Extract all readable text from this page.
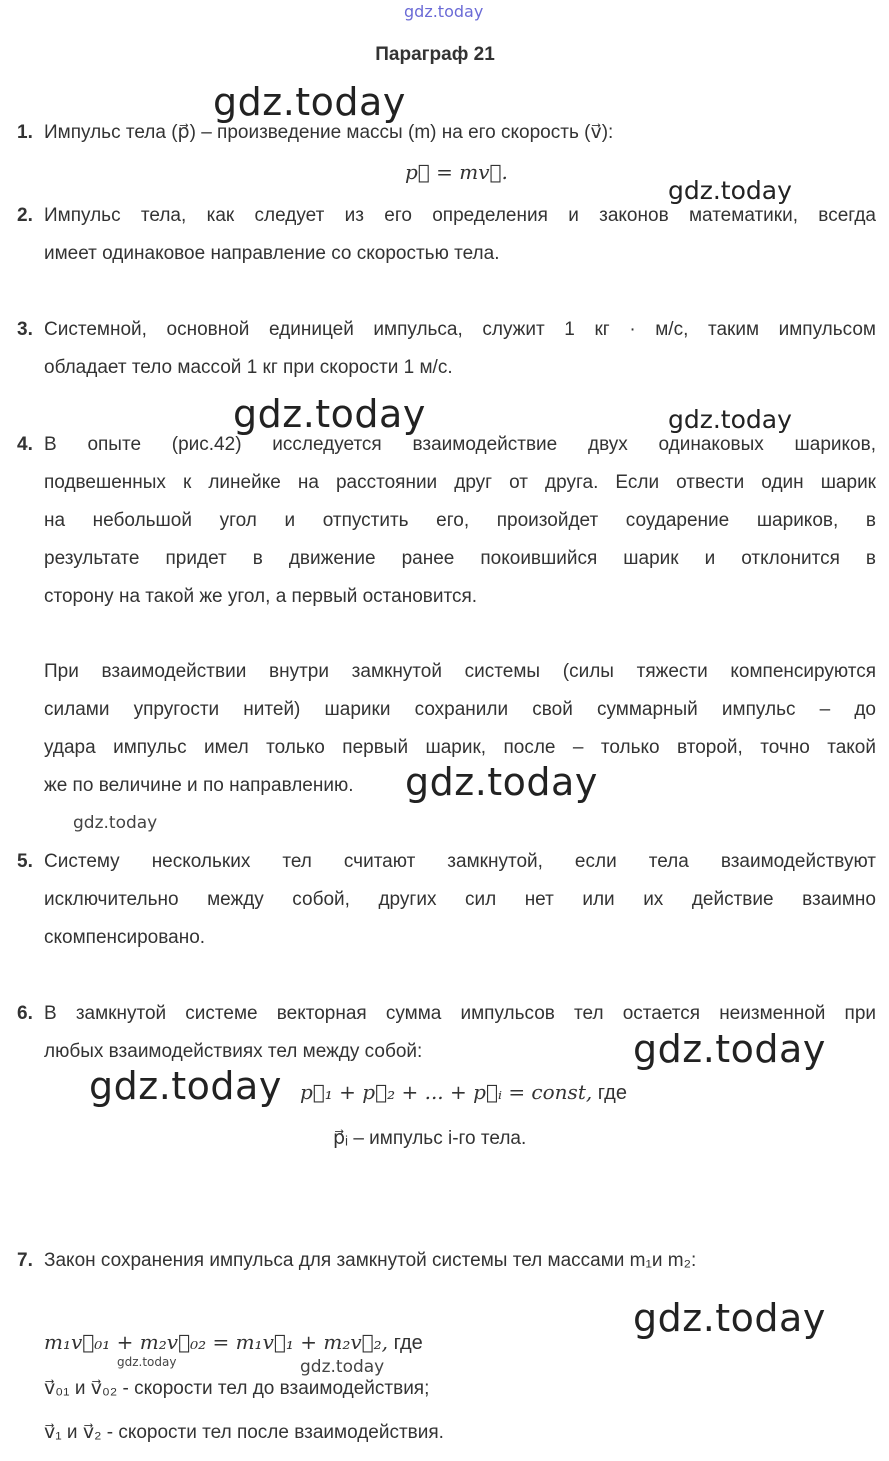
gdz.today
Параграф 21
1. Импульс тела (p⃗) – произведение массы (m) на его скорость (v⃗):
p⃗ = mv⃗.
2. Импульс тела, как следует из его определения и законов математики, всегда
имеет одинаковое направление со скоростью тела.
3. Системной, основной единицей импульса, служит 1 кг · м/с, таким импульсом
обладает тело массой 1 кг при скорости 1 м/с.
4. В опыте (рис.42) исследуется взаимодействие двух одинаковых шариков,
подвешенных к линейке на расстоянии друг от друга. Если отвести один шарик
на небольшой угол и отпустить его, произойдет соударение шариков, в
результате придет в движение ранее покоившийся шарик и отклонится в
сторону на такой же угол, а первый остановится.
При взаимодействии внутри замкнутой системы (силы тяжести компенсируются
силами упругости нитей) шарики сохранили свой суммарный импульс – до
удара импульс имел только первый шарик, после – только второй, точно такой
же по величине и по направлению.
5. Систему нескольких тел считают замкнутой, если тела взаимодействуют
исключительно между собой, других сил нет или их действие взаимно
скомпенсировано.
6. В замкнутой системе векторная сумма импульсов тел остается неизменной при
любых взаимодействиях тел между собой:
p⃗₁ + p⃗₂ + ... + p⃗ᵢ = const, где
p⃗ᵢ – импульс i-го тела.
7. Закон сохранения импульса для замкнутой системы тел массами m₁и m₂:
m₁v⃗₀₁ + m₂v⃗₀₂ = m₁v⃗₁ + m₂v⃗₂, где
v⃗₀₁ и v⃗₀₂ - скорости тел до взаимодействия;
v⃗₁ и v⃗₂ - скорости тел после взаимодействия.
gdz.today
gdz.today
gdz.today	gdz.today
gdz.today
gdz.today
gdz.today
gdz.today
gdz.today
gdz.today	gdz.today
